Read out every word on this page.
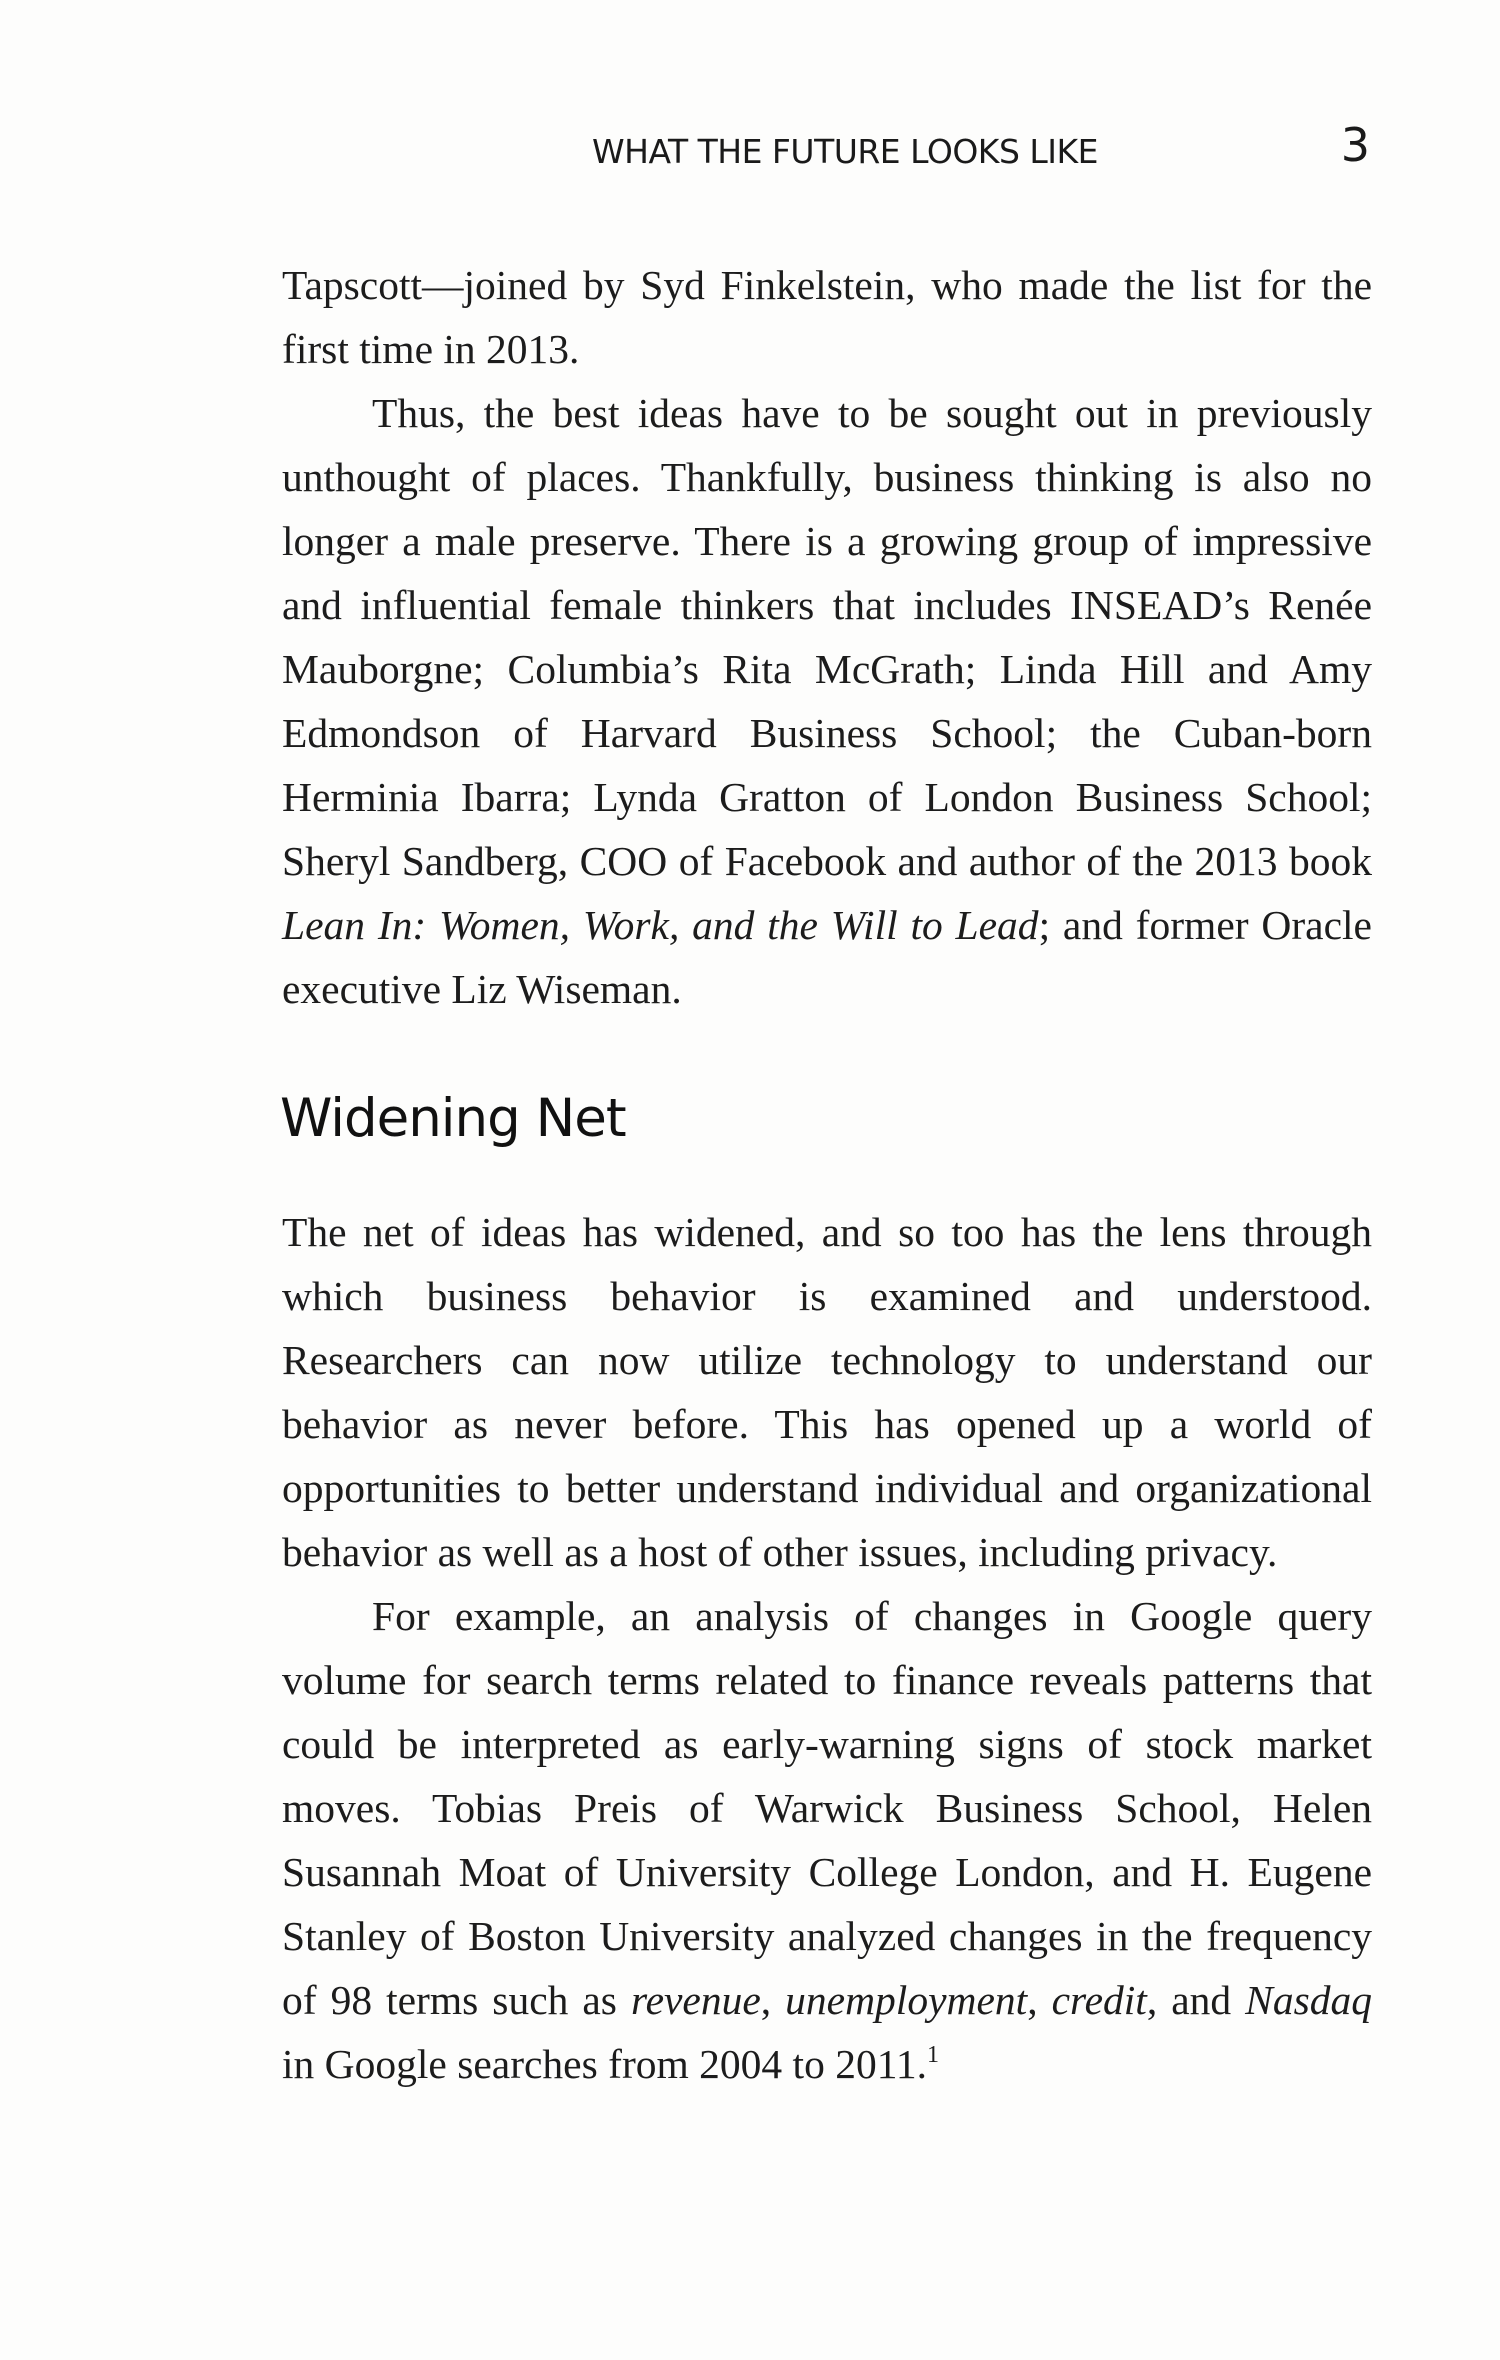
WHAT THE FUTURE LOOKS LIKE	3

Tapscott—joined by Syd Finkelstein, who made the list for the first time in 2013.

Thus, the best ideas have to be sought out in previously unthought of places. Thankfully, business thinking is also no longer a male preserve. There is a growing group of impressive and influential female thinkers that includes INSEAD’s Renée Mauborgne; Columbia’s Rita McGrath; Linda Hill and Amy Edmondson of Harvard Business School; the Cuban-born Herminia Ibarra; Lynda Gratton of London Business School; Sheryl Sandberg, COO of Facebook and author of the 2013 book Lean In: Women, Work, and the Will to Lead; and former Oracle executive Liz Wiseman.

Widening Net

The net of ideas has widened, and so too has the lens through which business behavior is examined and understood. Researchers can now utilize technology to understand our behavior as never before. This has opened up a world of opportunities to better understand individual and organizational behavior as well as a host of other issues, including privacy.

For example, an analysis of changes in Google query volume for search terms related to finance reveals patterns that could be interpreted as early-warning signs of stock market moves. Tobias Preis of Warwick Business School, Helen Susannah Moat of University College London, and H. Eugene Stanley of Boston University analyzed changes in the frequency of 98 terms such as revenue, unemployment, credit, and Nasdaq in Google searches from 2004 to 2011.$^1$
